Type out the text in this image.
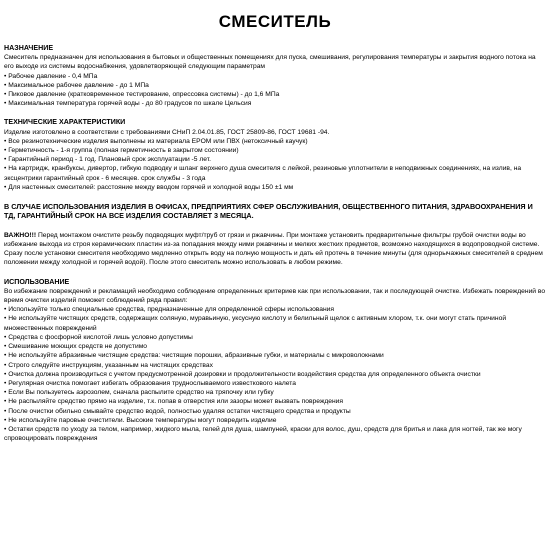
СМЕСИТЕЛЬ
НАЗНАЧЕНИЕ
Смеситель предназначен для использования в бытовых и общественных помещениях для пуска, смешивания, регулирования температуры и закрытия водного потока на его выходе из системы водоснабжения, удовлетворяющей следующим параметрам
• Рабочее давление - 0,4 МПа
• Максимальное рабочее давление - до 1 МПа
• Пиковое давление (кратковременное тестирование, опрессовка системы) - до 1,6 МПа
• Максимальная температура горячей воды - до 80 градусов по шкале Цельсия
ТЕХНИЧЕСКИЕ ХАРАКТЕРИСТИКИ
Изделие изготовлено в соответствии с требованиями СНиП 2.04.01.85, ГОСТ 25809-86, ГОСТ 19681 -94.
• Все резинотехнические изделия выполнены из материала EPOM или ПВХ (нетоксичный каучук)
• Герметичность - 1-я группа (полная герметичность в закрытом состоянии)
• Гарантийный период - 1 год. Плановый срок эксплуатации -5 лет.
• На картридж, кранбуксы, дивертор, гибкую подводку и шланг верхнего душа смесителя с лейкой, резиновые уплотнители в неподвижных соединениях, на излив, на эксцентрики гарантийный срок - 6 месяцев. срок службы - 3 года
• Для настенных смесителей: расстояние между вводом горячей и холодной воды 150 ±1 мм
В СЛУЧАЕ ИСПОЛЬЗОВАНИЯ ИЗДЕЛИЯ В ОФИСАХ, ПРЕДПРИЯТИЯХ СФЕР ОБСЛУЖИВАНИЯ, ОБЩЕСТВЕННОГО ПИТАНИЯ, ЗДРАВООХРАНЕНИЯ И ТД, ГАРАНТИЙНЫЙ СРОК НА ВСЕ ИЗДЕЛИЯ СОСТАВЛЯЕТ 3 МЕСЯЦА.
ВАЖНО!!! Перед монтажом очистите резьбу подводящих муфт/труб от грязи и ржавчины. При монтаже установить предварительные фильтры грубой очистки воды во избежание выхода из строя керамических пластин из-за попадания между ними ржавчины и мелких жестких предметов, возможно находящихся в водопроводной системе. Сразу после установки смесителя необходимо медленно открыть воду на полную мощность и дать ей протечь в течение минуты (для однорычажных смесителей в среднем положении между холодной и горячей водой). После этого смеситель можно использовать в любом режиме.
ИСПОЛЬЗОВАНИЕ
Во избежание повреждений и рекламаций необходимо соблюдение определенных критериев как при использовании, так и последующей очистке. Избежать повреждений во время очистки изделий поможет соблюдений ряда правил:
• Используйте только специальные средства, предназначенные для определенной сферы использования
• Не используйте чистящих средств, содержащих соляную, муравьиную, уксусную кислоту и белильный щелок с активным хлором, т.к. они могут стать причиной множественных повреждений
• Средства с фосфорной кислотой лишь условно допустимы
• Смешивание моющих средств не допустимо
• Не используйте абразивные чистящие средства: чистящие порошки, абразивные губки, и материалы с микроволокнами
• Строго следуйте инструкциям, указанным на чистящих средствах
• Очистка должна производиться с учетом предусмотренной дозировки и продолжительности воздействия средства для определенного объекта очистки
• Регулярная очистка помогает избегать образования труднослываемого известкового налета
• Если Вы пользуетесь аэрозолем, сначала распылите средство на тряпочку или губку
• Не распыляйте средство прямо на изделие, т.к. попав в отверстия или зазоры может вызвать повреждения
• После очистки обильно смывайте средство водой, полностью удаляя остатки чистящего средства и продукты
• Не используйте паровые очистители. Высокие температуры могут повредить изделие
• Остатки средств по уходу за телом, например, жидкого мыла, гелей для душа, шампуней, краски для волос, душ, средств для бритья и лака для ногтей, так же могу спровоцировать повреждения
